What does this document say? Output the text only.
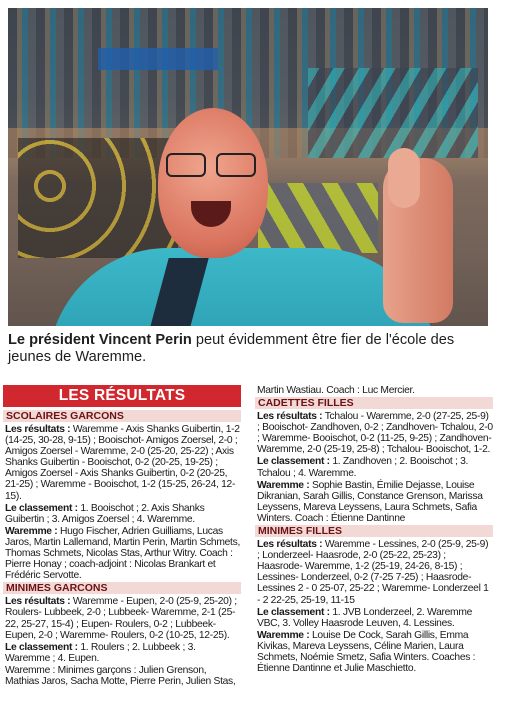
Le président Vincent Perin peut évidemment être fier de l'école des jeunes de Waremme.
LES RÉSULTATS
SCOLAIRES GARCONS

Les résultats : Waremme - Axis Shanks Guibertin, 1-2 (14-25, 30-28, 9-15) ; Booischot- Amigos Zoersel, 2-0 ; Amigos Zoersel - Waremme, 2-0 (25-20, 25-22) ; Axis Shanks Guibertin - Booischot, 0-2 (20-25, 19-25) ; Amigos Zoersel - Axis Shanks Guibertin, 0-2 (20-25, 21-25) ; Waremme - Booischot, 1-2 (15-25, 26-24, 12-15).

Le classement : 1. Booischot ; 2. Axis Shanks Guibertin ; 3. Amigos Zoersel ; 4. Waremme.

Waremme : Hugo Fischer, Adrien Guilliams, Lucas Jaros, Martin Lallemand, Martin Perin, Martin Schmets, Thomas Schmets, Nicolas Stas, Arthur Witry. Coach : Pierre Honay ; coach-adjoint : Nicolas Brankart et Frédéric Servotte.

MINIMES GARCONS

Les résultats : Waremme - Eupen, 2-0 (25-9, 25-20) ; Roulers- Lubbeek, 2-0 ; Lubbeek- Waremme, 2-1 (25-22, 25-27, 15-4) ; Eupen- Roulers, 0-2 ; Lubbeek- Eupen, 2-0 ; Waremme- Roulers, 0-2 (10-25, 12-25).

Le classement : 1. Roulers ; 2. Lubbeek ; 3. Waremme ; 4. Eupen.

Waremme : Minimes garçons : Julien Grenson, Mathias Jaros, Sacha Motte, Pierre Perin, Julien Stas,

Martin Wastiau. Coach : Luc Mercier.

CADETTES FILLES

Les résultats : Tchalou - Waremme, 2-0 (27-25, 25-9) ; Booischot- Zandhoven, 0-2 ; Zandhoven- Tchalou, 2-0 ; Waremme- Booischot, 0-2 (11-25, 9-25) ; Zandhoven- Waremme, 2-0 (25-19, 25-8) ; Tchalou- Booischot, 1-2.

Le classement : 1. Zandhoven ; 2. Booischot ; 3. Tchalou ; 4. Waremme.

Waremme : Sophie Bastin, Émilie Dejasse, Louise Dikranian, Sarah Gillis, Constance Grenson, Marissa Leyssens, Mareva Leyssens, Laura Schmets, Safia Winters. Coach : Étienne Dantinne

MINIMES FILLES

Les résultats : Waremme - Lessines, 2-0 (25-9, 25-9) ; Londerzeel- Haasrode, 2-0 (25-22, 25-23) ; Haasrode- Waremme, 1-2 (25-19, 24-26, 8-15) ; Lessines- Londerzeel, 0-2 (7-25 7-25) ; Haasrode- Lessines 2 - 0 25-07, 25-22 ; Waremme- Londerzeel 1 - 2 22-25, 25-19, 11-15

Le classement : 1. JVB Londerzeel, 2. Waremme VBC, 3. Volley Haasrode Leuven, 4. Lessines.

Waremme : Louise De Cock, Sarah Gillis, Emma Kivikas, Mareva Leyssens, Céline Marien, Laura Schmets, Noémie Smetz, Safia Winters. Coaches : Étienne Dantinne et Julie Maschietto.
